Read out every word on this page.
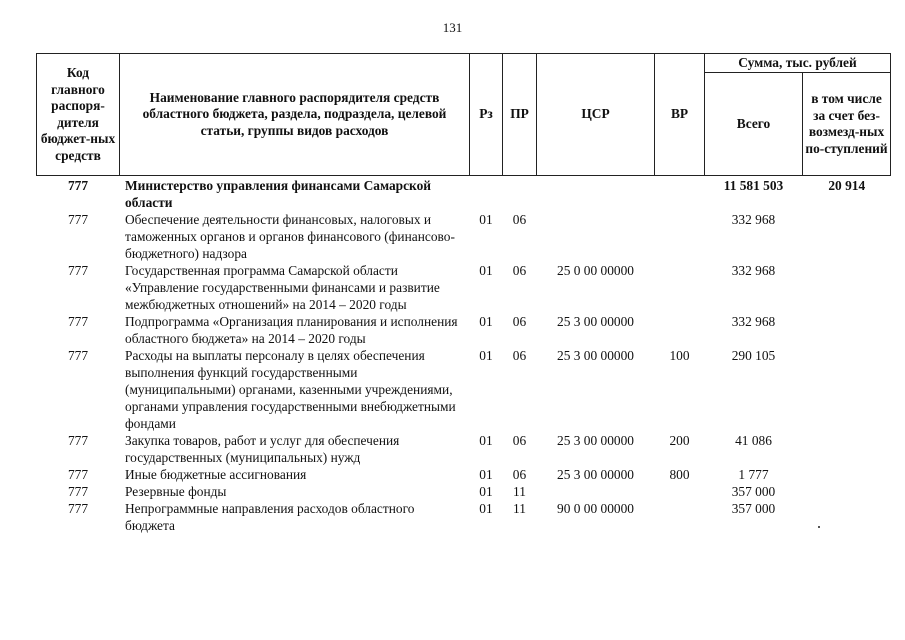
131
Код главного распоря-дителя бюджет-ных средств	Наименование главного распорядителя средств областного бюджета, раздела, подраздела, целевой статьи, группы видов расходов	Рз	ПР	ЦСР	ВР	Сумма, тыс. рублей	
						Всего	в том числе за счет без-возмезд-ных по-ступлений
777	Министерство управления финансами Самарской области					11 581 503	20 914
777	Обеспечение деятельности финансовых, налоговых и таможенных органов и органов финансового (финансово-бюджетного) надзора	01	06			332 968	
777	Государственная программа Самарской области «Управление государственными финансами и развитие межбюджетных отношений» на 2014 – 2020 годы	01	06	25 0 00 00000		332 968	
777	Подпрограмма «Организация планирования и исполнения областного бюджета» на 2014 – 2020 годы	01	06	25 3 00 00000		332 968	
777	Расходы на выплаты персоналу в целях обеспечения выполнения функций государственными (муниципальными) органами, казенными учреждениями, органами управления государственными внебюджетными фондами	01	06	25 3 00 00000	100	290 105	
777	Закупка товаров, работ и услуг для обеспечения государственных (муниципальных) нужд	01	06	25 3 00 00000	200	41 086	
777	Иные бюджетные ассигнования	01	06	25 3 00 00000	800	1 777	
777	Резервные фонды	01	11			357 000	
777	Непрограммные направления расходов областного бюджета	01	11	90 0 00 00000		357 000	
